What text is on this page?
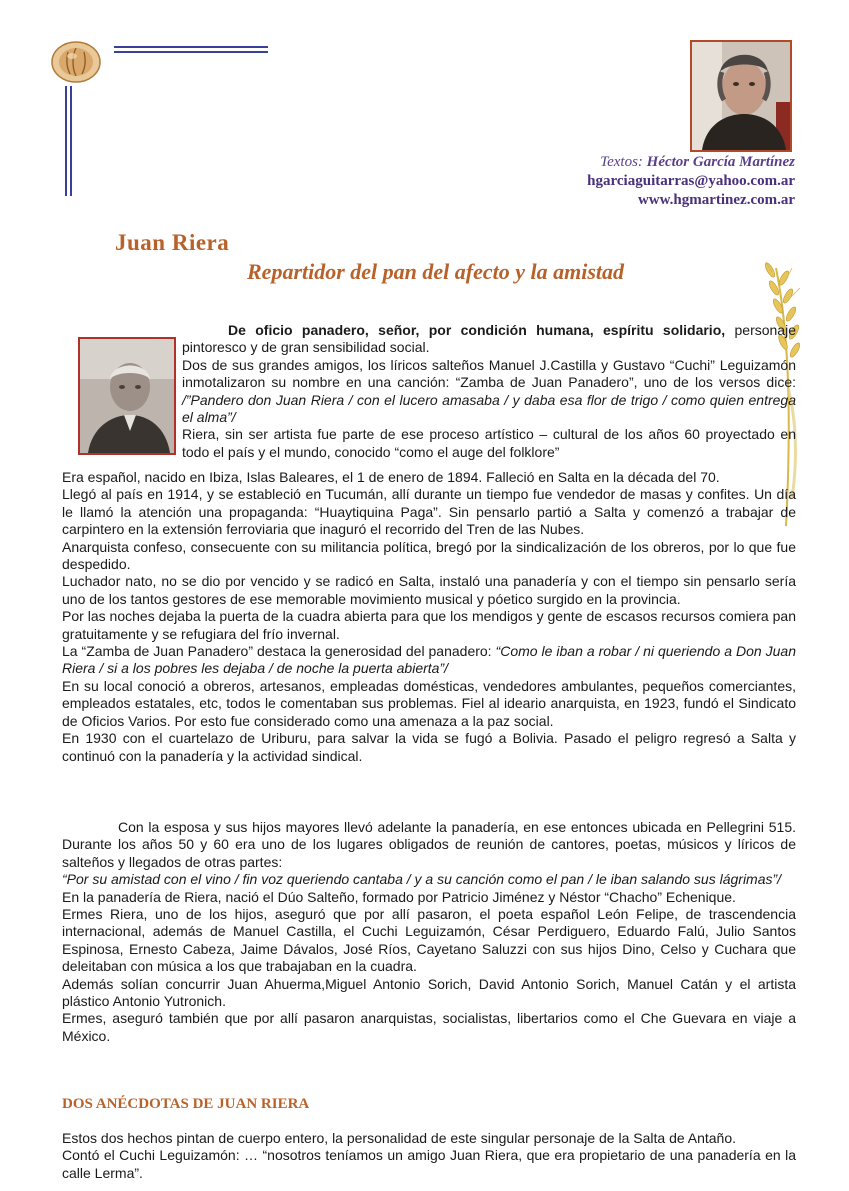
Textos: Héctor García Martínez
hgarciaguitarras@yahoo.com.ar
www.hgmartinez.com.ar
Juan Riera
Repartidor del pan del afecto y la amistad

De oficio panadero, señor, por condición humana, espíritu solidario, personaje pintoresco y de gran sensibilidad social.

Dos de sus grandes amigos, los líricos salteños Manuel J.Castilla y Gustavo “Cuchi” Leguizamón inmotalizaron su nombre en una canción: “Zamba de Juan Panadero”, uno de los versos dice: /”Pandero don Juan Riera / con el lucero amasaba / y daba esa flor de trigo / como quien entrega el alma”/

Riera, sin ser artista fue parte de ese proceso artístico – cultural de los años 60 proyectado en todo el país y el mundo, conocido “como el auge del folklore”

Era español, nacido en Ibiza, Islas Baleares, el 1 de enero de 1894. Falleció en Salta en la década del 70.

Llegó al país en 1914, y se estableció en Tucumán, allí durante un tiempo fue vendedor de masas y confites. Un día le llamó la atención una propaganda: “Huaytiquina Paga”. Sin pensarlo partió a Salta y comenzó a trabajar de carpintero en la extensión ferroviaria que inaguró el recorrido del Tren de las Nubes.

Anarquista confeso, consecuente con su militancia política, bregó por la sindicalización de los obreros, por lo que fue despedido.

Luchador nato, no se dio por vencido y se radicó en Salta, instaló una panadería y con el tiempo sin pensarlo sería uno de los tantos gestores de ese memorable movimiento musical y póetico surgido en la provincia.

Por las noches dejaba la puerta de la cuadra abierta para que los mendigos y gente de escasos recursos comiera pan gratuitamente y se refugiara del frío invernal.

La “Zamba de Juan Panadero” destaca la generosidad del panadero: “Como le iban a robar / ni queriendo a Don Juan Riera / si a los pobres les dejaba / de noche la puerta abierta”/

En su local conoció a obreros, artesanos, empleadas domésticas, vendedores ambulantes, pequeños comerciantes, empleados estatales, etc, todos le comentaban sus problemas. Fiel al ideario anarquista, en 1923, fundó el Sindicato de Oficios Varios. Por esto fue considerado como una amenaza a la paz social.

En 1930 con el cuartelazo de Uriburu, para salvar la vida se fugó a Bolivia. Pasado el peligro regresó a Salta y continuó con la panadería y la actividad sindical.

Con la esposa y sus hijos mayores llevó adelante la panadería, en ese entonces ubicada en Pellegrini 515. Durante los años 50 y 60 era uno de los lugares obligados de reunión de cantores, poetas, músicos y líricos de salteños y llegados de otras partes:

“Por su amistad con el vino / fin voz queriendo cantaba / y a su canción como el pan / le iban salando sus lágrimas”/

En la panadería de Riera, nació el Dúo Salteño, formado por Patricio Jiménez y Néstor “Chacho” Echenique.

Ermes Riera, uno de los hijos, aseguró que por allí pasaron, el poeta español León Felipe, de trascendencia internacional, además de Manuel Castilla, el Cuchi Leguizamón, César Perdiguero, Eduardo Falú, Julio Santos Espinosa, Ernesto Cabeza, Jaime Dávalos, José Ríos, Cayetano Saluzzi con sus hijos Dino, Celso y Cuchara que deleitaban con música a los que trabajaban en la cuadra.

Además solían concurrir Juan Ahuerma,Miguel Antonio Sorich, David Antonio Sorich, Manuel Catán y el artista plástico Antonio Yutronich.

Ermes, aseguró también que por allí pasaron anarquistas, socialistas, libertarios como el Che Guevara en viaje a México.

DOS ANÉCDOTAS DE JUAN RIERA

Estos dos hechos pintan de cuerpo entero, la personalidad de este singular personaje de la Salta de Antaño.

Contó el Cuchi Leguizamón: … “nosotros teníamos un amigo Juan Riera, que era propietario de una panadería en la calle Lerma”.
